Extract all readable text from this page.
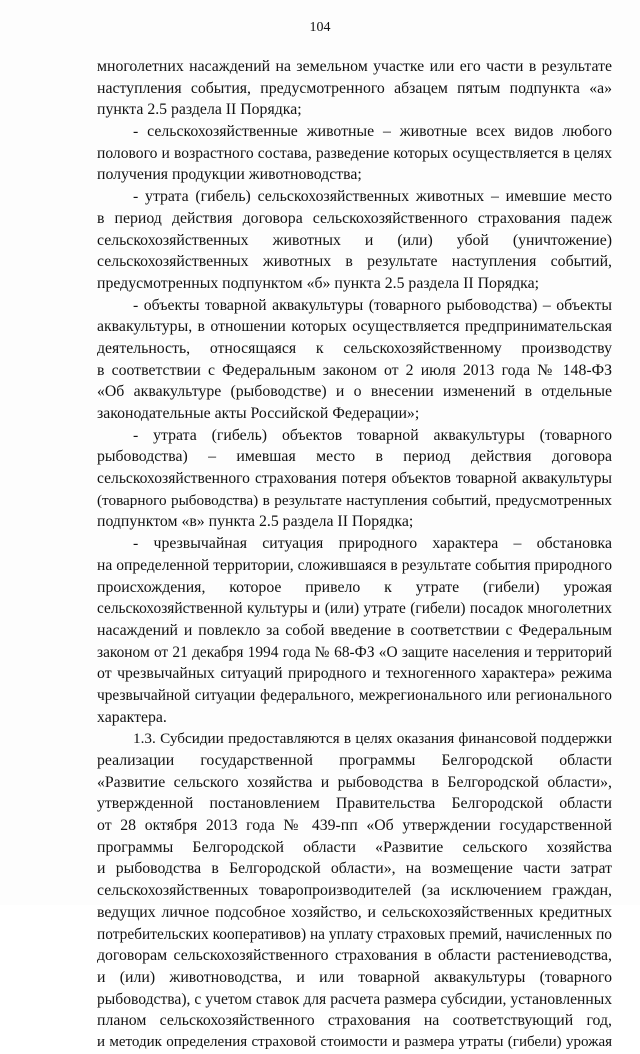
104
многолетних насаждений на земельном участке или его части в результате
наступления события, предусмотренного абзацем пятым подпункта «а»
пункта 2.5 раздела II Порядка;
- сельскохозяйственные животные – животные всех видов любого
полового и возрастного состава, разведение которых осуществляется в целях
получения продукции животноводства;
- утрата (гибель) сельскохозяйственных животных – имевшие место
в период действия договора сельскохозяйственного страхования падеж
сельскохозяйственных животных и (или) убой (уничтожение)
сельскохозяйственных животных в результате наступления событий,
предусмотренных подпунктом «б» пункта 2.5 раздела II Порядка;
- объекты товарной аквакультуры (товарного рыбоводства) – объекты
аквакультуры, в отношении которых осуществляется предпринимательская
деятельность, относящаяся к сельскохозяйственному производству
в соответствии с Федеральным законом от 2 июля 2013 года № 148-ФЗ
«Об аквакультуре (рыбоводстве) и о внесении изменений в отдельные
законодательные акты Российской Федерации»;
- утрата (гибель) объектов товарной аквакультуры (товарного
рыбоводства) – имевшая место в период действия договора
сельскохозяйственного страхования потеря объектов товарной аквакультуры
(товарного рыбоводства) в результате наступления событий, предусмотренных
подпунктом «в» пункта 2.5 раздела II Порядка;
- чрезвычайная ситуация природного характера – обстановка
на определенной территории, сложившаяся в результате события природного
происхождения, которое привело к утрате (гибели) урожая
сельскохозяйственной культуры и (или) утрате (гибели) посадок многолетних
насаждений и повлекло за собой введение в соответствии с Федеральным
законом от 21 декабря 1994 года № 68-ФЗ «О защите населения и территорий
от чрезвычайных ситуаций природного и техногенного характера» режима
чрезвычайной ситуации федерального, межрегионального или регионального
характера.
1.3. Субсидии предоставляются в целях оказания финансовой поддержки
реализации государственной программы Белгородской области
«Развитие сельского хозяйства и рыбоводства в Белгородской области»,
утвержденной постановлением Правительства Белгородской области
от 28 октября 2013 года № 439-пп «Об утверждении государственной
программы Белгородской области «Развитие сельского хозяйства
и рыбоводства в Белгородской области», на возмещение части затрат
сельскохозяйственных товаропроизводителей (за исключением граждан,
ведущих личное подсобное хозяйство, и сельскохозяйственных кредитных
потребительских кооперативов) на уплату страховых премий, начисленных по
договорам сельскохозяйственного страхования в области растениеводства,
и (или) животноводства, и или товарной аквакультуры (товарного
рыбоводства), с учетом ставок для расчета размера субсидии, установленных
планом сельскохозяйственного страхования на соответствующий год,
и методик определения страховой стоимости и размера утраты (гибели) урожая
